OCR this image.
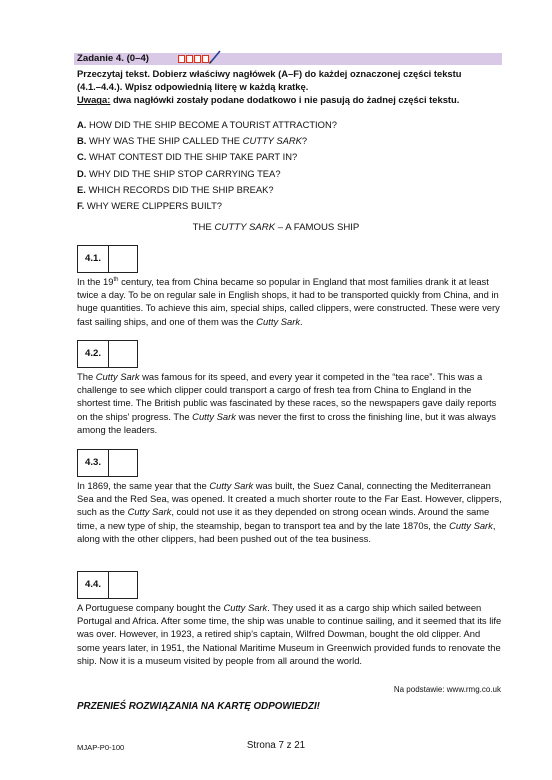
Zadanie 4. (0–4)

Przeczytaj tekst. Dobierz właściwy nagłówek (A–F) do każdej oznaczonej części tekstu

(4.1.–4.4.). Wpisz odpowiednią literę w każdą kratkę.

Uwaga: dwa nagłówki zostały podane dodatkowo i nie pasują do żadnej części tekstu.

A. HOW DID THE SHIP BECOME A TOURIST ATTRACTION?
B. WHY WAS THE SHIP CALLED THE CUTTY SARK?
C. WHAT CONTEST DID THE SHIP TAKE PART IN?
D. WHY DID THE SHIP STOP CARRYING TEA?
E. WHICH RECORDS DID THE SHIP BREAK?
F. WHY WERE CLIPPERS BUILT?
THE CUTTY SARK – A FAMOUS SHIP
4.1.

In the 19th century, tea from China became so popular in England that most families drank it at least twice a day. To be on regular sale in English shops, it had to be transported quickly from China, and in huge quantities. To achieve this aim, special ships, called clippers, were constructed. These were very fast sailing ships, and one of them was the Cutty Sark.

4.2.

The Cutty Sark was famous for its speed, and every year it competed in the “tea race”. This was a challenge to see which clipper could transport a cargo of fresh tea from China to England in the shortest time. The British public was fascinated by these races, so the newspapers gave daily reports on the ships’ progress. The Cutty Sark was never the first to cross the finishing line, but it was always among the leaders.

4.3.

In 1869, the same year that the Cutty Sark was built, the Suez Canal, connecting the Mediterranean Sea and the Red Sea, was opened. It created a much shorter route to the Far East. However, clippers, such as the Cutty Sark, could not use it as they depended on strong ocean winds. Around the same time, a new type of ship, the steamship, began to transport tea and by the late 1870s, the Cutty Sark, along with the other clippers, had been pushed out of the tea business.

4.4.

A Portuguese company bought the Cutty Sark. They used it as a cargo ship which sailed between Portugal and Africa. After some time, the ship was unable to continue sailing, and it seemed that its life was over. However, in 1923, a retired ship’s captain, Wilfred Dowman, bought the old clipper. And some years later, in 1951, the National Maritime Museum in Greenwich provided funds to renovate the ship. Now it is a museum visited by people from all around the world.

Na podstawie: www.rmg.co.uk
PRZENIEŚ ROZWIĄZANIA NA KARTĘ ODPOWIEDZI!
MJAP-P0-100	Strona 7 z 21
